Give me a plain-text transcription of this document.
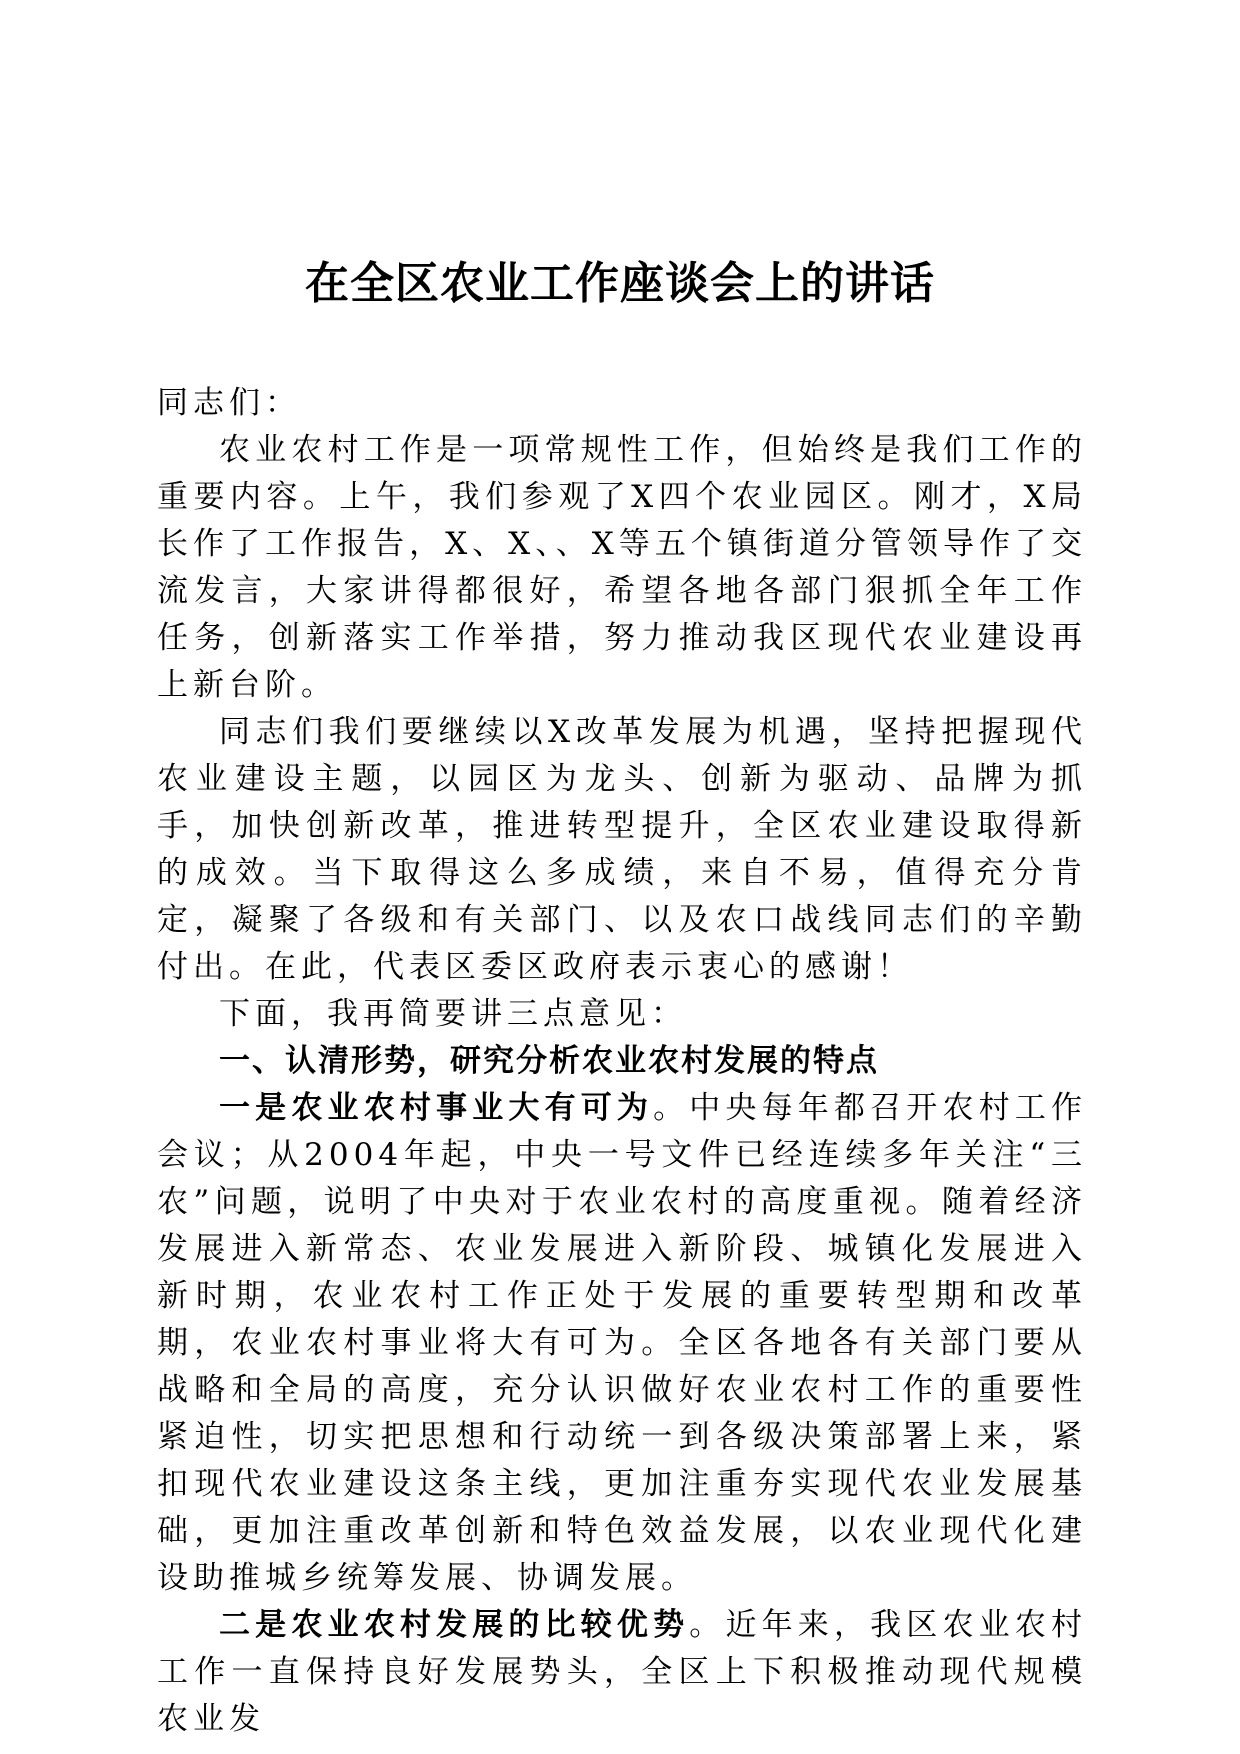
在全区农业工作座谈会上的讲话

同志们：

农业农村工作是一项常规性工作，但始终是我们工作的重要内容。上午，我们参观了X四个农业园区。刚才，X局长作了工作报告，X、X、、X等五个镇街道分管领导作了交流发言，大家讲得都很好，希望各地各部门狠抓全年工作任务，创新落实工作举措，努力推动我区现代农业建设再上新台阶。

同志们我们要继续以X改革发展为机遇，坚持把握现代农业建设主题，以园区为龙头、创新为驱动、品牌为抓手，加快创新改革，推进转型提升，全区农业建设取得新的成效。当下取得这么多成绩，来自不易，值得充分肯定，凝聚了各级和有关部门、以及农口战线同志们的辛勤付出。在此，代表区委区政府表示衷心的感谢！

下面，我再简要讲三点意见：

一、认清形势，研究分析农业农村发展的特点

一是农业农村事业大有可为。中央每年都召开农村工作会议；从2004年起，中央一号文件已经连续多年关注“三农”问题，说明了中央对于农业农村的高度重视。随着经济发展进入新常态、农业发展进入新阶段、城镇化发展进入新时期，农业农村工作正处于发展的重要转型期和改革期，农业农村事业将大有可为。全区各地各有关部门要从战略和全局的高度，充分认识做好农业农村工作的重要性紧迫性，切实把思想和行动统一到各级决策部署上来，紧扣现代农业建设这条主线，更加注重夯实现代农业发展基础，更加注重改革创新和特色效益发展，以农业现代化建设助推城乡统筹发展、协调发展。

二是农业农村发展的比较优势。近年来，我区农业农村工作一直保持良好发展势头，全区上下积极推动现代规模农业发
